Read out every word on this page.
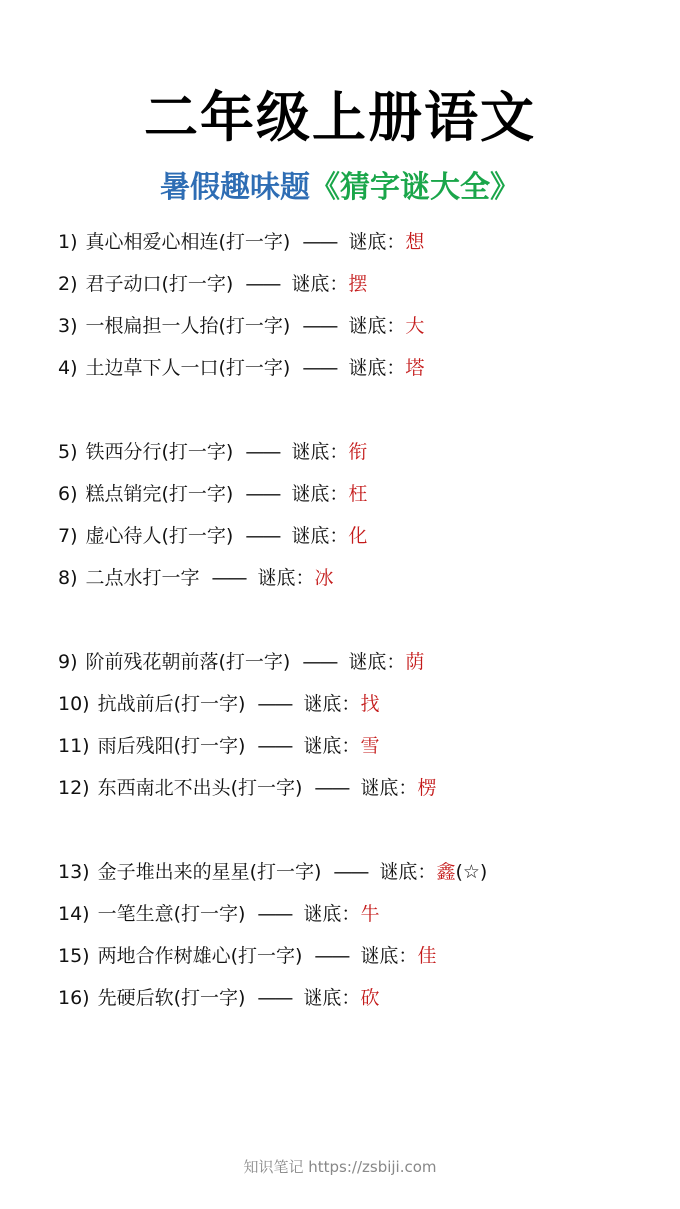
二年级上册语文
暑假趣味题《猜字谜大全》
1) 真心相爱心相连(打一字) —— 谜底：想
2) 君子动口(打一字) —— 谜底：摆
3) 一根扁担一人抬(打一字) —— 谜底：大
4) 土边草下人一口(打一字) —— 谜底：塔
5) 铁西分行(打一字) —— 谜底：衔
6) 糕点销完(打一字) —— 谜底：枉
7) 虚心待人(打一字) —— 谜底：化
8) 二点水打一字 —— 谜底：冰
9) 阶前残花朝前落(打一字) —— 谜底：荫
10) 抗战前后(打一字) —— 谜底：找
11) 雨后残阳(打一字) —— 谜底：雪
12) 东西南北不出头(打一字) —— 谜底：楞
13) 金子堆出来的星星(打一字) —— 谜底：鑫(☆)
14) 一笔生意(打一字) —— 谜底：牛
15) 两地合作树雄心(打一字) —— 谜底：佳
16) 先硬后软(打一字) —— 谜底：砍
知识笔记 https://zsbiji.com
